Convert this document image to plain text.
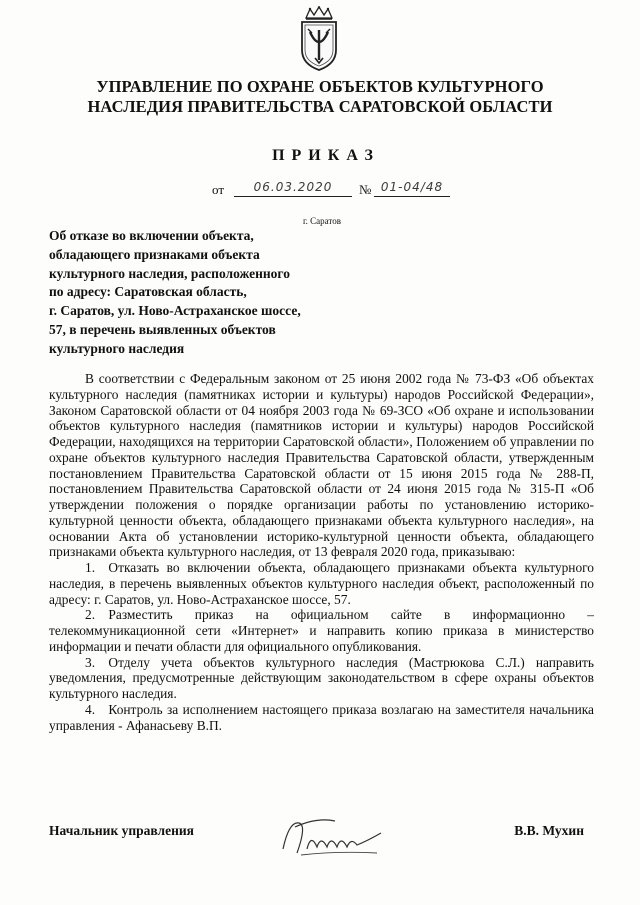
УПРАВЛЕНИЕ ПО ОХРАНЕ ОБЪЕКТОВ КУЛЬТУРНОГО
НАСЛЕДИЯ ПРАВИТЕЛЬСТВА САРАТОВСКОЙ ОБЛАСТИ
ПРИКАЗ
от	06.03.2020	№ 01-04/48
г. Саратов
Об отказе во включении объекта,
обладающего признаками объекта
культурного наследия, расположенного
по адресу: Саратовская область,
г. Саратов, ул. Ново-Астраханское шоссе,
57, в перечень выявленных объектов
культурного наследия

В соответствии с Федеральным законом от 25 июня 2002 года № 73-ФЗ «Об объектах культурного наследия (памятниках истории и культуры) народов Российской Федерации», Законом Саратовской области от 04 ноября 2003 года № 69-ЗСО «Об охране и использовании объектов культурного наследия (памятников истории и культуры) народов Российской Федерации, находящихся на территории Саратовской области», Положением об управлении по охране объектов культурного наследия Правительства Саратовской области, утвержденным постановлением Правительства Саратовской области от 15 июня 2015 года № 288-П, постановлением Правительства Саратовской области от 24 июня 2015 года № 315-П «Об утверждении положения о порядке организации работы по установлению историко-культурной ценности объекта, обладающего признаками объекта культурного наследия», на основании Акта об установлении историко-культурной ценности объекта, обладающего признаками объекта культурного наследия, от 13 февраля 2020 года, приказываю:

1. Отказать во включении объекта, обладающего признаками объекта культурного наследия, в перечень выявленных объектов культурного наследия объект, расположенный по адресу: г. Саратов, ул. Ново-Астраханское шоссе, 57.

2. Разместить приказ на официальном сайте в информационно – телекоммуникационной сети «Интернет» и направить копию приказа в министерство информации и печати области для официального опубликования.

3. Отделу учета объектов культурного наследия (Мастрюкова С.Л.) направить уведомления, предусмотренные действующим законодательством в сфере охраны объектов культурного наследия.

4. Контроль за исполнением настоящего приказа возлагаю на заместителя начальника управления - Афанасьеву В.П.

Начальник управления	В.В. Мухин
